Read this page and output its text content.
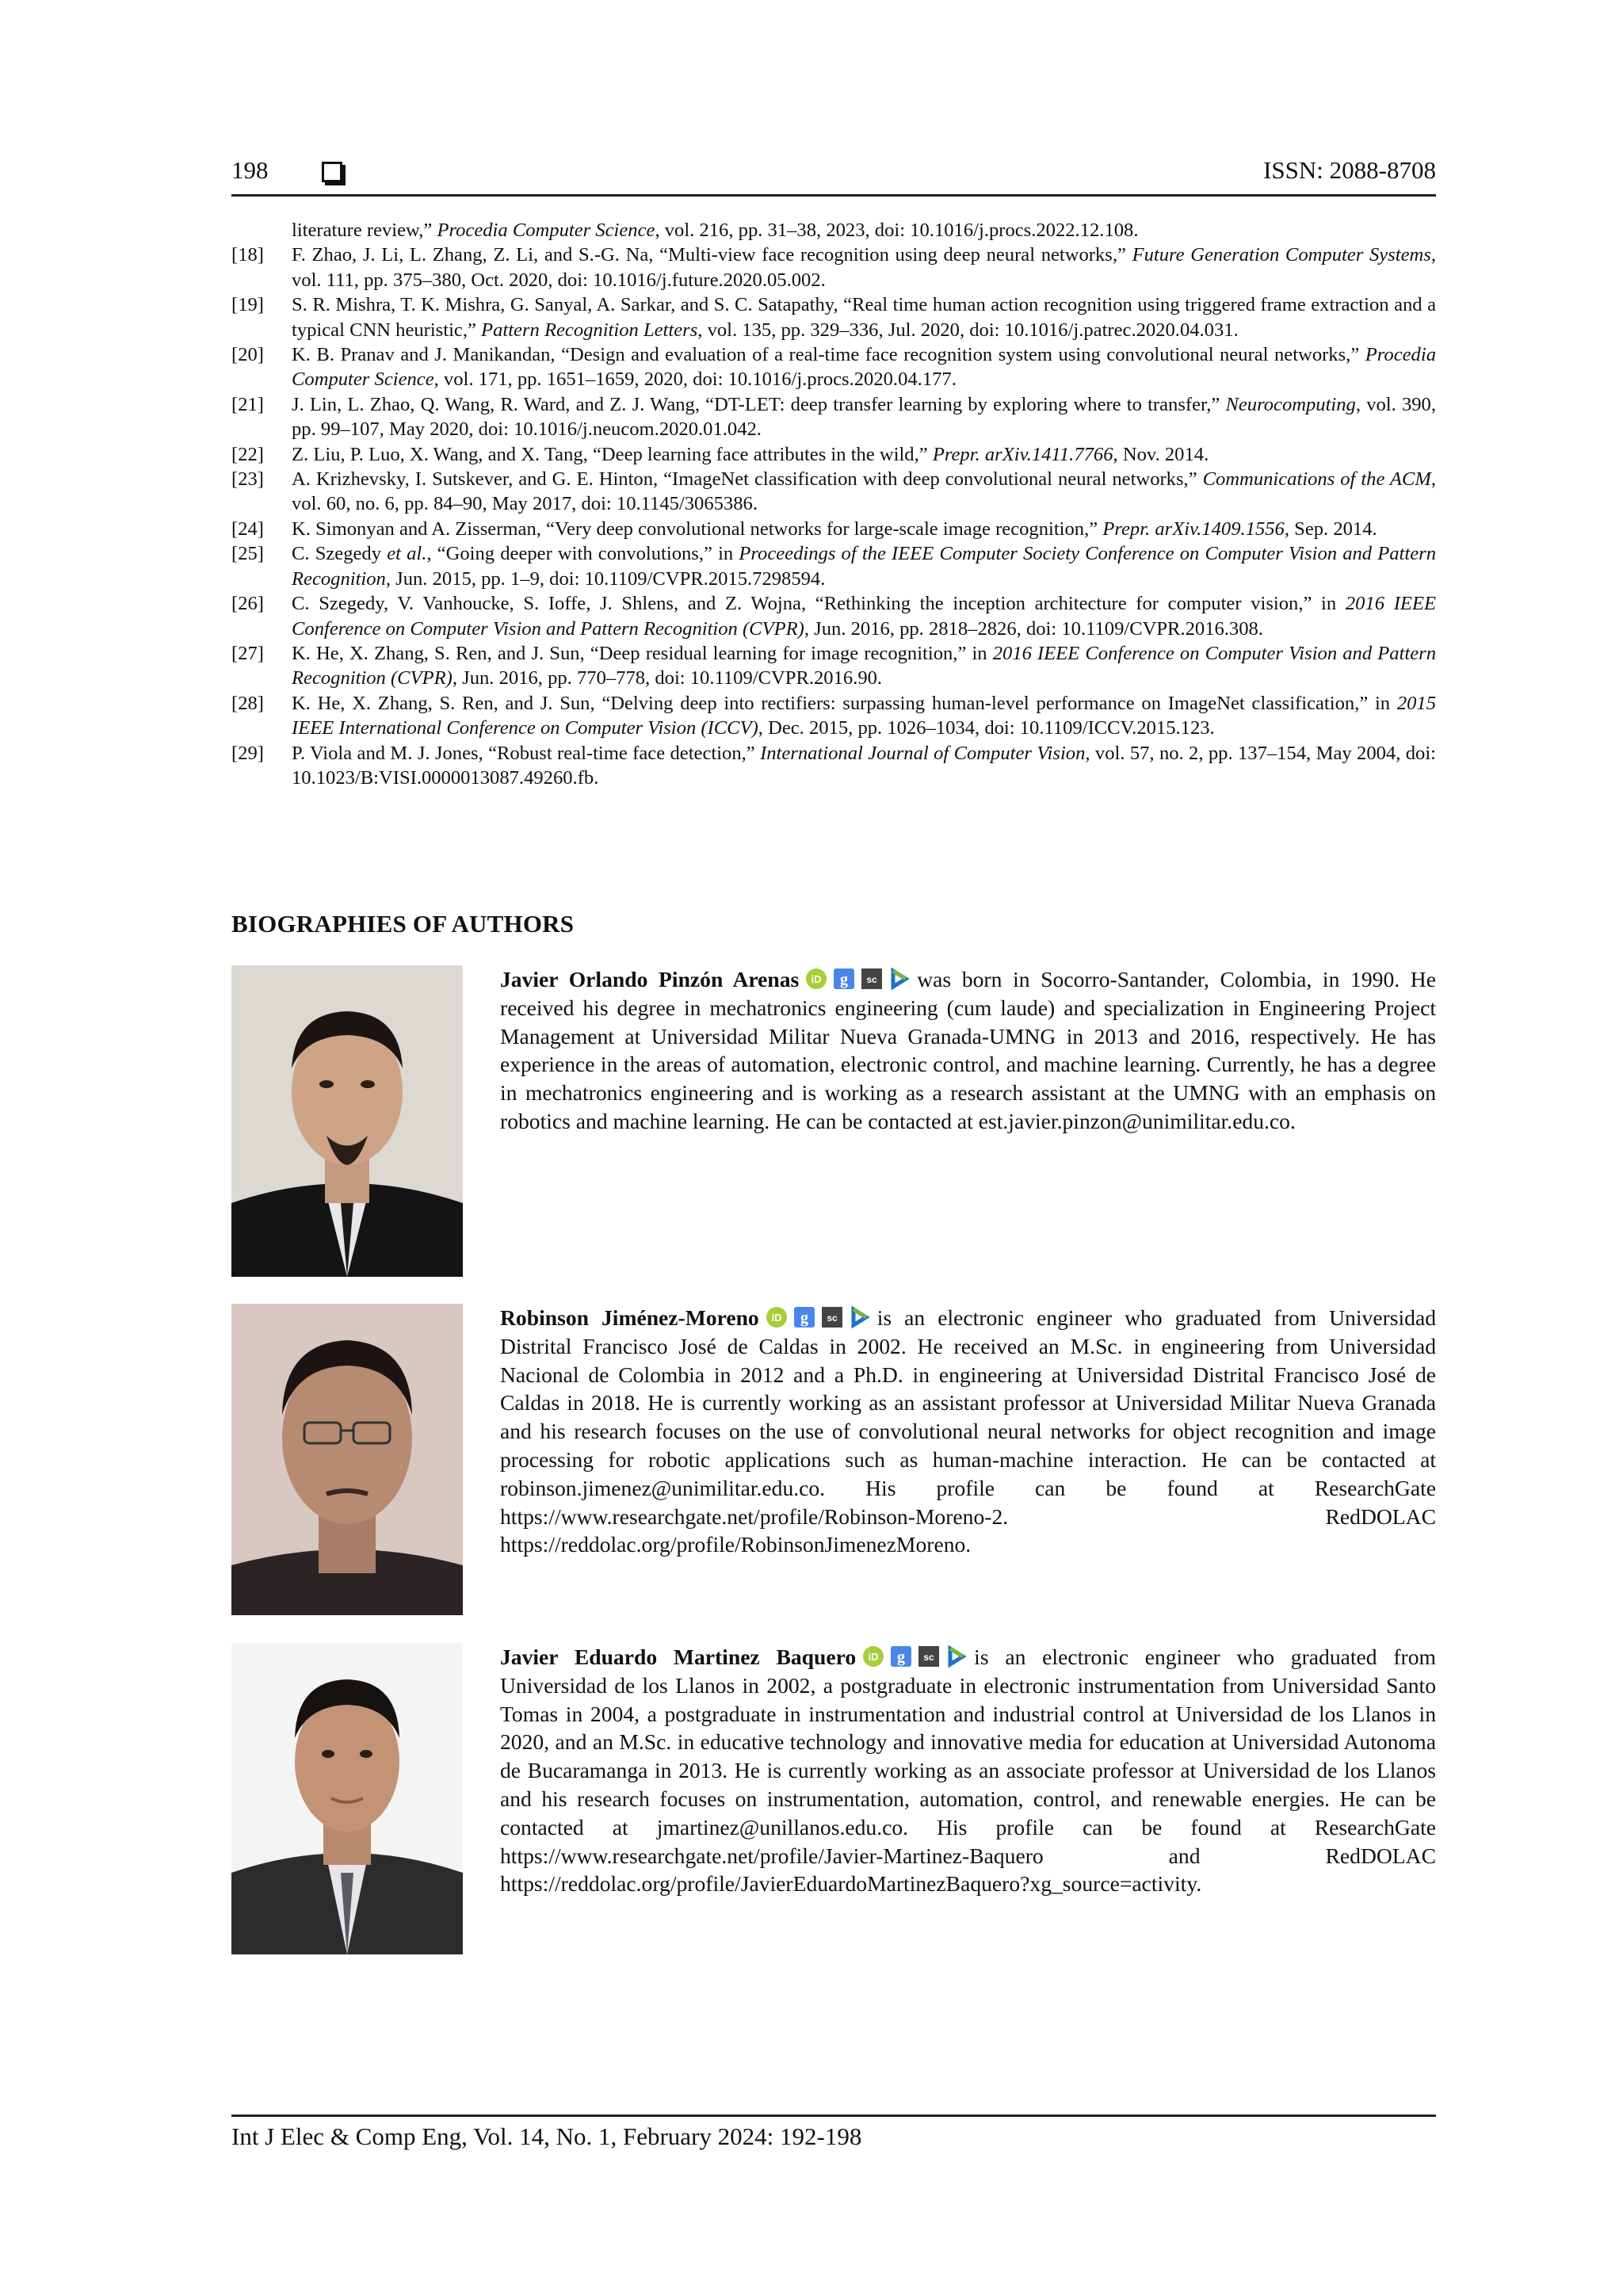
198	ISSN: 2088-8708
literature review,” Procedia Computer Science, vol. 216, pp. 31–38, 2023, doi: 10.1016/j.procs.2022.12.108.
[18]	F. Zhao, J. Li, L. Zhang, Z. Li, and S.-G. Na, “Multi-view face recognition using deep neural networks,” Future Generation Computer Systems, vol. 111, pp. 375–380, Oct. 2020, doi: 10.1016/j.future.2020.05.002.
[19]	S. R. Mishra, T. K. Mishra, G. Sanyal, A. Sarkar, and S. C. Satapathy, “Real time human action recognition using triggered frame extraction and a typical CNN heuristic,” Pattern Recognition Letters, vol. 135, pp. 329–336, Jul. 2020, doi: 10.1016/j.patrec.2020.04.031.
[20]	K. B. Pranav and J. Manikandan, “Design and evaluation of a real-time face recognition system using convolutional neural networks,” Procedia Computer Science, vol. 171, pp. 1651–1659, 2020, doi: 10.1016/j.procs.2020.04.177.
[21]	J. Lin, L. Zhao, Q. Wang, R. Ward, and Z. J. Wang, “DT-LET: deep transfer learning by exploring where to transfer,” Neurocomputing, vol. 390, pp. 99–107, May 2020, doi: 10.1016/j.neucom.2020.01.042.
[22]	Z. Liu, P. Luo, X. Wang, and X. Tang, “Deep learning face attributes in the wild,” Prepr. arXiv.1411.7766, Nov. 2014.
[23]	A. Krizhevsky, I. Sutskever, and G. E. Hinton, “ImageNet classification with deep convolutional neural networks,” Communications of the ACM, vol. 60, no. 6, pp. 84–90, May 2017, doi: 10.1145/3065386.
[24]	K. Simonyan and A. Zisserman, “Very deep convolutional networks for large-scale image recognition,” Prepr. arXiv.1409.1556, Sep. 2014.
[25]	C. Szegedy et al., “Going deeper with convolutions,” in Proceedings of the IEEE Computer Society Conference on Computer Vision and Pattern Recognition, Jun. 2015, pp. 1–9, doi: 10.1109/CVPR.2015.7298594.
[26]	C. Szegedy, V. Vanhoucke, S. Ioffe, J. Shlens, and Z. Wojna, “Rethinking the inception architecture for computer vision,” in 2016 IEEE Conference on Computer Vision and Pattern Recognition (CVPR), Jun. 2016, pp. 2818–2826, doi: 10.1109/CVPR.2016.308.
[27]	K. He, X. Zhang, S. Ren, and J. Sun, “Deep residual learning for image recognition,” in 2016 IEEE Conference on Computer Vision and Pattern Recognition (CVPR), Jun. 2016, pp. 770–778, doi: 10.1109/CVPR.2016.90.
[28]	K. He, X. Zhang, S. Ren, and J. Sun, “Delving deep into rectifiers: surpassing human-level performance on ImageNet classification,” in 2015 IEEE International Conference on Computer Vision (ICCV), Dec. 2015, pp. 1026–1034, doi: 10.1109/ICCV.2015.123.
[29]	P. Viola and M. J. Jones, “Robust real-time face detection,” International Journal of Computer Vision, vol. 57, no. 2, pp. 137–154, May 2004, doi: 10.1023/B:VISI.0000013087.49260.fb.
BIOGRAPHIES OF AUTHORS
Javier Orlando Pinzón Arenas iD g sc was born in Socorro-Santander, Colombia, in 1990. He received his degree in mechatronics engineering (cum laude) and specialization in Engineering Project Management at Universidad Militar Nueva Granada-UMNG in 2013 and 2016, respectively. He has experience in the areas of automation, electronic control, and machine learning. Currently, he has a degree in mechatronics engineering and is working as a research assistant at the UMNG with an emphasis on robotics and machine learning. He can be contacted at est.javier.pinzon@unimilitar.edu.co.
Robinson Jiménez-Moreno iD g sc is an electronic engineer who graduated from Universidad Distrital Francisco José de Caldas in 2002. He received an M.Sc. in engineering from Universidad Nacional de Colombia in 2012 and a Ph.D. in engineering at Universidad Distrital Francisco José de Caldas in 2018. He is currently working as an assistant professor at Universidad Militar Nueva Granada and his research focuses on the use of convolutional neural networks for object recognition and image processing for robotic applications such as human-machine interaction. He can be contacted at robinson.jimenez@unimilitar.edu.co. His profile can be found at ResearchGate https://www.researchgate.net/profile/Robinson-Moreno-2. RedDOLAC https://reddolac.org/profile/RobinsonJimenezMoreno.
Javier Eduardo Martinez Baquero iD g sc is an electronic engineer who graduated from Universidad de los Llanos in 2002, a postgraduate in electronic instrumentation from Universidad Santo Tomas in 2004, a postgraduate in instrumentation and industrial control at Universidad de los Llanos in 2020, and an M.Sc. in educative technology and innovative media for education at Universidad Autonoma de Bucaramanga in 2013. He is currently working as an associate professor at Universidad de los Llanos and his research focuses on instrumentation, automation, control, and renewable energies. He can be contacted at jmartinez@unillanos.edu.co. His profile can be found at ResearchGate https://www.researchgate.net/profile/Javier-Martinez-Baquero and RedDOLAC https://reddolac.org/profile/JavierEduardoMartinezBaquero?xg_source=activity.
Int J Elec & Comp Eng, Vol. 14, No. 1, February 2024: 192-198
